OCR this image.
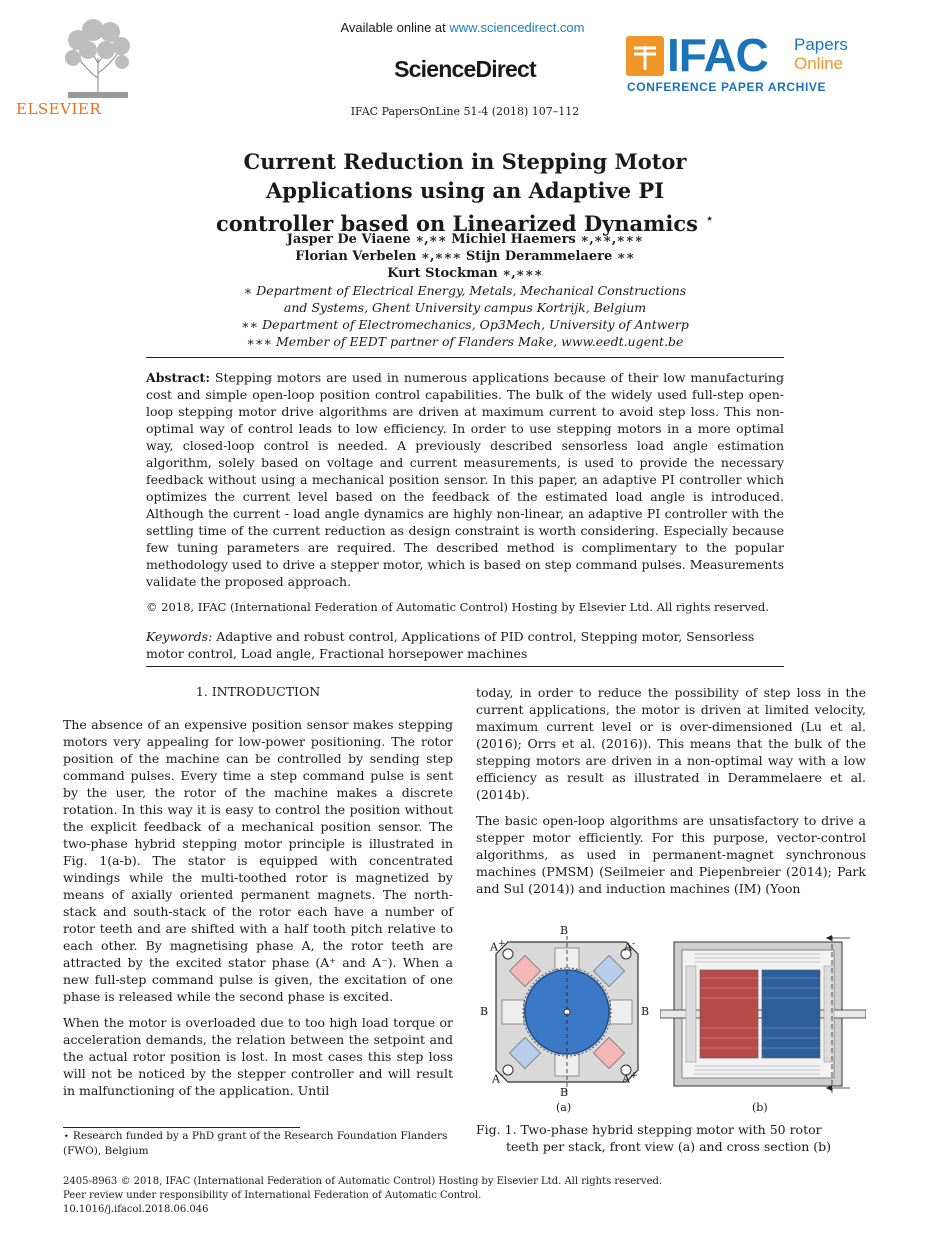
ELSEVIER
Available online at www.sciencedirect.com
ScienceDirect
IFAC PapersOnLine 51-4 (2018) 107–112
IFAC Papers
Online
CONFERENCE PAPER ARCHIVE
Current Reduction in Stepping Motor
Applications using an Adaptive PI
controller based on Linearized Dynamics ⋆
Jasper De Viaene ∗,∗∗ Michiel Haemers ∗,∗∗,∗∗∗
Florian Verbelen ∗,∗∗∗ Stijn Derammelaere ∗∗
Kurt Stockman ∗,∗∗∗
∗ Department of Electrical Energy, Metals, Mechanical Constructions
and Systems, Ghent University campus Kortrijk, Belgium
∗∗ Department of Electromechanics, Op3Mech, University of Antwerp
∗∗∗ Member of EEDT partner of Flanders Make, www.eedt.ugent.be
Abstract: Stepping motors are used in numerous applications because of their low manufacturing cost and simple open-loop position control capabilities. The bulk of the widely used full-step open-loop stepping motor drive algorithms are driven at maximum current to avoid step loss. This non-optimal way of control leads to low efficiency. In order to use stepping motors in a more optimal way, closed-loop control is needed. A previously described sensorless load angle estimation algorithm, solely based on voltage and current measurements, is used to provide the necessary feedback without using a mechanical position sensor. In this paper, an adaptive PI controller which optimizes the current level based on the feedback of the estimated load angle is introduced. Although the current - load angle dynamics are highly non-linear, an adaptive PI controller with the settling time of the current reduction as design constraint is worth considering. Especially because few tuning parameters are required. The described method is complimentary to the popular methodology used to drive a stepper motor, which is based on step command pulses. Measurements validate the proposed approach.
© 2018, IFAC (International Federation of Automatic Control) Hosting by Elsevier Ltd. All rights reserved.
Keywords: Adaptive and robust control, Applications of PID control, Stepping motor, Sensorless motor control, Load angle, Fractional horsepower machines
1. INTRODUCTION
The absence of an expensive position sensor makes stepping motors very appealing for low-power positioning. The rotor position of the machine can be controlled by sending step command pulses. Every time a step command pulse is sent by the user, the rotor of the machine makes a discrete rotation. In this way it is easy to control the position without the explicit feedback of a mechanical position sensor. The two-phase hybrid stepping motor principle is illustrated in Fig. 1(a-b). The stator is equipped with concentrated windings while the multi-toothed rotor is magnetized by means of axially oriented permanent magnets. The north-stack and south-stack of the rotor each have a number of rotor teeth and are shifted with a half tooth pitch relative to each other. By magnetising phase A, the rotor teeth are attracted by the excited stator phase (A⁺ and A⁻). When a new full-step command pulse is given, the excitation of one phase is released while the second phase is excited.
When the motor is overloaded due to too high load torque or acceleration demands, the relation between the setpoint and the actual rotor position is lost. In most cases this step loss will not be noticed by the stepper controller and will result in malfunctioning of the application. Until
⋆ Research funded by a PhD grant of the Research Foundation Flanders (FWO), Belgium
today, in order to reduce the possibility of step loss in the current applications, the motor is driven at limited velocity, maximum current level or is over-dimensioned (Lu et al. (2016); Orrs et al. (2016)). This means that the bulk of the stepping motors are driven in a non-optimal way with a low efficiency as result as illustrated in Derammelaere et al. (2014b).
The basic open-loop algorithms are unsatisfactory to drive a stepper motor efficiently. For this purpose, vector-control algorithms, as used in permanent-magnet synchronous machines (PMSM) (Seilmeier and Piepenbreier (2014); Park and Sul (2014)) and induction machines (IM) (Yoon
B
B
B	B
A+	A-
A-	A+
(a)	(b)
Fig. 1. Two-phase hybrid stepping motor with 50 rotor
teeth per stack, front view (a) and cross section (b)
2405-8963 © 2018, IFAC (International Federation of Automatic Control) Hosting by Elsevier Ltd. All rights reserved.
Peer review under responsibility of International Federation of Automatic Control.
10.1016/j.ifacol.2018.06.046
